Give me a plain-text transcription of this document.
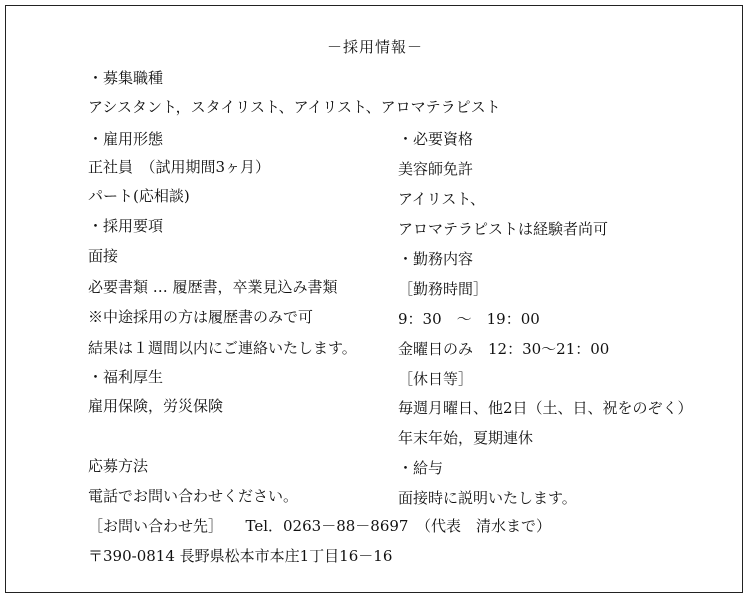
－採用情報－
・募集職種
アシスタント，スタイリスト、アイリスト、アロマテラピスト
・雇用形態	・必要資格
正社員　（試用期間3ヶ月）	美容師免許
パート(応相談)	アイリスト、
・採用要項	アロマテラピストは経験者尚可
面接	・勤務内容
必要書類 … 履歴書，卒業見込み書類	［勤務時間］
※中途採用の方は履歴書のみで可	9：30　～　19：00
結果は１週間以内にご連絡いたします。	金曜日のみ　12：30～21：00
・福利厚生	［休日等］
雇用保険，労災保険	毎週月曜日、他2日（土、日、祝をのぞく）
年末年始，夏期連休
応募方法	・給与
電話でお問い合わせください。	面接時に説明いたします。
［お問い合わせ先］　　Tel．0263－88－8697　（代表　清水まで）
〒390-0814 長野県松本市本庄1丁目16－16
